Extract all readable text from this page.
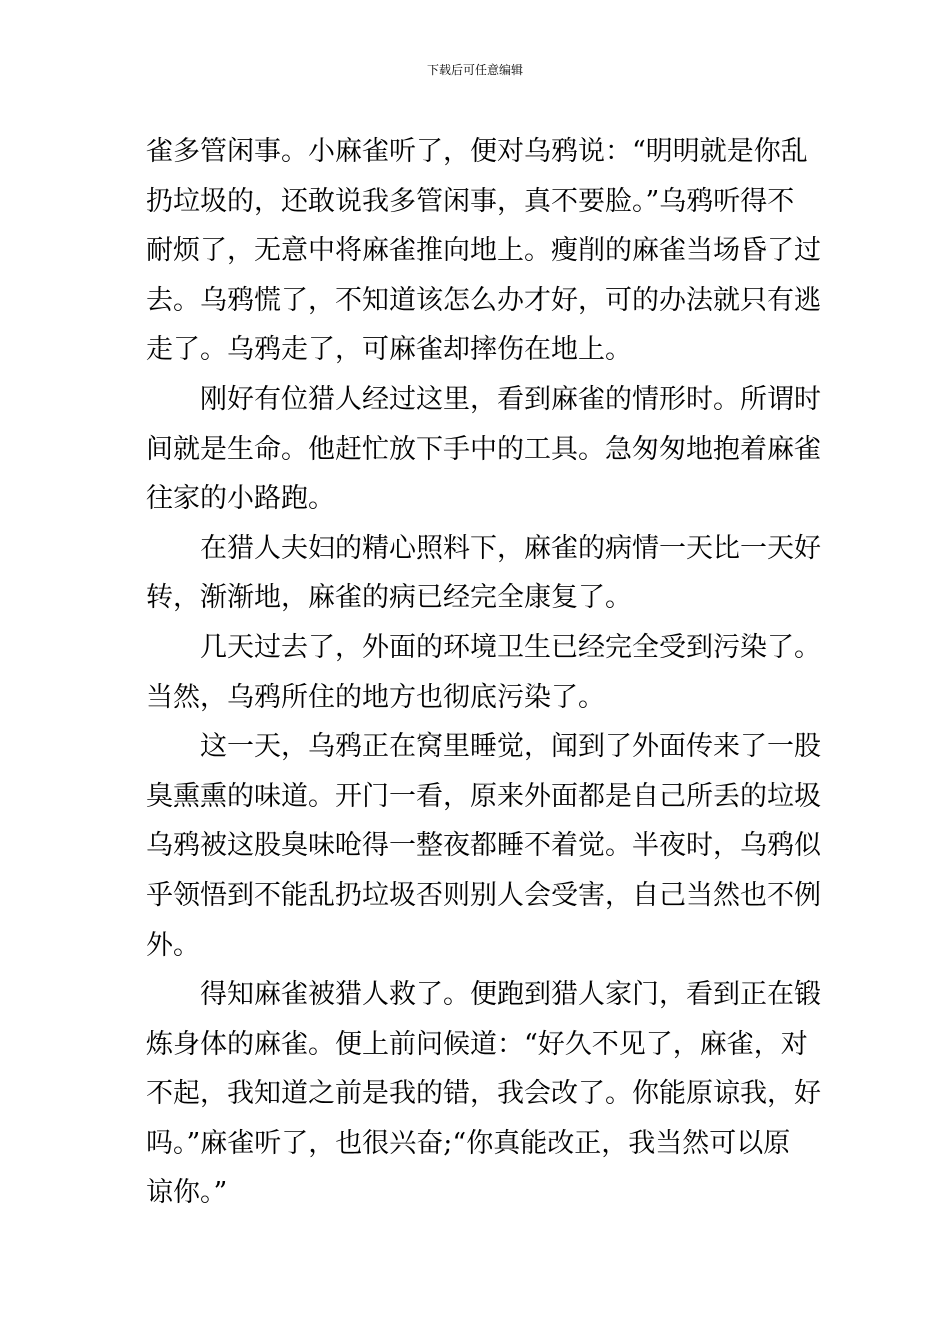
下载后可任意编辑
雀多管闲事。小麻雀听了，便对乌鸦说：“明明就是你乱
扔垃圾的，还敢说我多管闲事，真不要脸。”乌鸦听得不
耐烦了，无意中将麻雀推向地上。瘦削的麻雀当场昏了过
去。乌鸦慌了，不知道该怎么办才好，可的办法就只有逃
走了。乌鸦走了，可麻雀却摔伤在地上。
刚好有位猎人经过这里，看到麻雀的情形时。所谓时
间就是生命。他赶忙放下手中的工具。急匆匆地抱着麻雀
往家的小路跑。
在猎人夫妇的精心照料下，麻雀的病情一天比一天好
转，渐渐地，麻雀的病已经完全康复了。
几天过去了，外面的环境卫生已经完全受到污染了。
当然，乌鸦所住的地方也彻底污染了。
这一天，乌鸦正在窝里睡觉，闻到了外面传来了一股
臭熏熏的味道。开门一看，原来外面都是自己所丢的垃圾
乌鸦被这股臭味呛得一整夜都睡不着觉。半夜时，乌鸦似
乎领悟到不能乱扔垃圾否则别人会受害，自己当然也不例
外。
得知麻雀被猎人救了。便跑到猎人家门，看到正在锻
炼身体的麻雀。便上前问候道：“好久不见了，麻雀，对
不起，我知道之前是我的错，我会改了。你能原谅我，好
吗。”麻雀听了，也很兴奋;“你真能改正，我当然可以原
谅你。”
